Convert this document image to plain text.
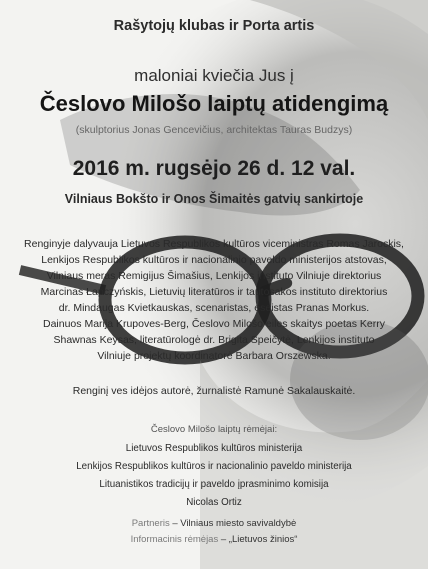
Rašytojų klubas ir Porta artis
maloniai kviečia Jus į
Česlovo Milošo laiptų atidengimą
(skulptorius Jonas Gencevičius, architektas Tauras Budzys)
2016 m. rugsėjo 26 d. 12 val.
Vilniaus Bokšto ir Onos Šimaitės gatvių sankirtoje
Renginyje dalyvauja Lietuvos Respublikos kultūros viceministras Romas Jarockis,
Lenkijos Respublikos kultūros ir nacionalinio paveldo ministerijos atstovas,
Vilniaus meras Remigijus Šimašius, Lenkijos instituto Vilniuje direktorius
Marcinas Łapczyńskis, Lietuvių literatūros ir tautosakos instituto direktorius
dr. Mindaugas Kvietkauskas, scenaristas, eseistas Pranas Morkus.
Dainuos Marija Krupoves-Berg, Česlovo Milošo eiles skaitys poetas Kerry
Shawnas Keysas, literatūrologė dr. Brigita Speičytė, Lenkijos instituto
Vilniuje projektų koordinatorė Barbara Orszewska.
Renginį ves idėjos autorė, žurnalistė Ramunė Sakalauskaitė.
Česlovo Milošo laiptų rėmėjai:
Lietuvos Respublikos kultūros ministerija
Lenkijos Respublikos kultūros ir nacionalinio paveldo ministerija
Lituanistikos tradicijų ir paveldo įprasminimo komisija
Nicolas Ortiz
Partneris – Vilniaus miesto savivaldybė
Informacinis rėmėjas – „Lietuvos žinios“
